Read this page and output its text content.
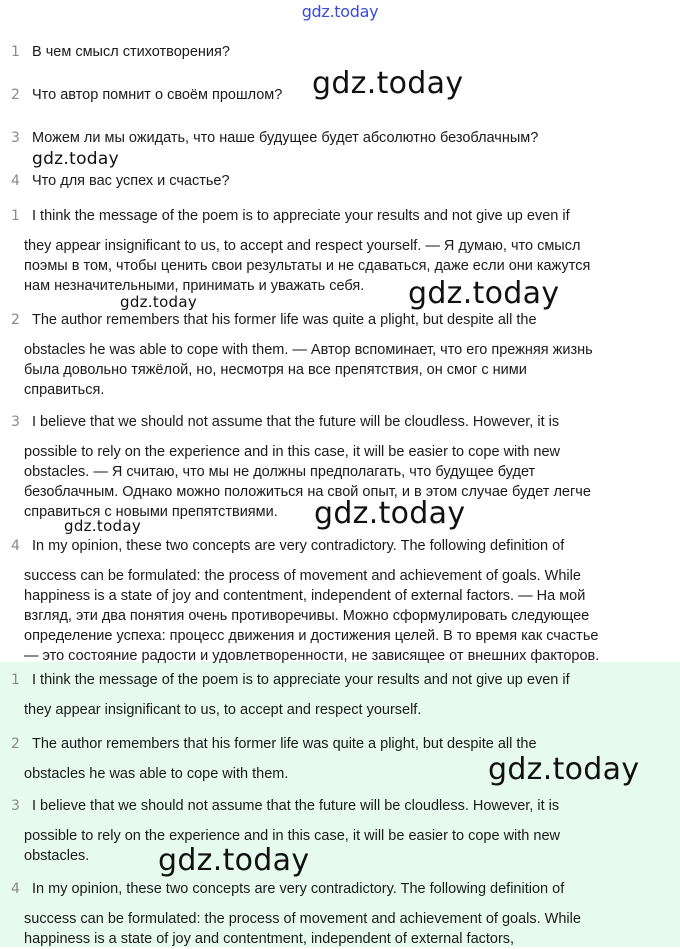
gdz.today
1 В чем смысл стихотворения?
2 Что автор помнит о своём прошлом?
3 Можем ли мы ожидать, что наше будущее будет абсолютно безоблачным?
4 Что для вас успех и счастье?
1 I think the message of the poem is to appreciate your results and not give up even if
they appear insignificant to us, to accept and respect yourself. — Я думаю, что смысл
поэмы в том, чтобы ценить свои результаты и не сдаваться, даже если они кажутся
нам незначительными, принимать и уважать себя.
2 The author remembers that his former life was quite a plight, but despite all the
obstacles he was able to cope with them. — Автор вспоминает, что его прежняя жизнь
была довольно тяжёлой, но, несмотря на все препятствия, он смог с ними
справиться.
3 I believe that we should not assume that the future will be cloudless. However, it is
possible to rely on the experience and in this case, it will be easier to cope with new
obstacles. — Я считаю, что мы не должны предполагать, что будущее будет
безоблачным. Однако можно положиться на свой опыт, и в этом случае будет легче
справиться с новыми препятствиями.
4 In my opinion, these two concepts are very contradictory. The following definition of
success can be formulated: the process of movement and achievement of goals. While
happiness is a state of joy and contentment, independent of external factors. — На мой
взгляд, эти два понятия очень противоречивы. Можно сформулировать следующее
определение успеха: процесс движения и достижения целей. В то время как счастье
— это состояние радости и удовлетворенности, не зависящее от внешних факторов.
1 I think the message of the poem is to appreciate your results and not give up even if
they appear insignificant to us, to accept and respect yourself.
2 The author remembers that his former life was quite a plight, but despite all the
obstacles he was able to cope with them.
3 I believe that we should not assume that the future will be cloudless. However, it is
possible to rely on the experience and in this case, it will be easier to cope with new
obstacles.
4 In my opinion, these two concepts are very contradictory. The following definition of
success can be formulated: the process of movement and achievement of goals. While
happiness is a state of joy and contentment, independent of external factors,
gdz.today
gdz.today
gdz.today	gdz.today
gdz.today
gdz.today
gdz.today
gdz.today
